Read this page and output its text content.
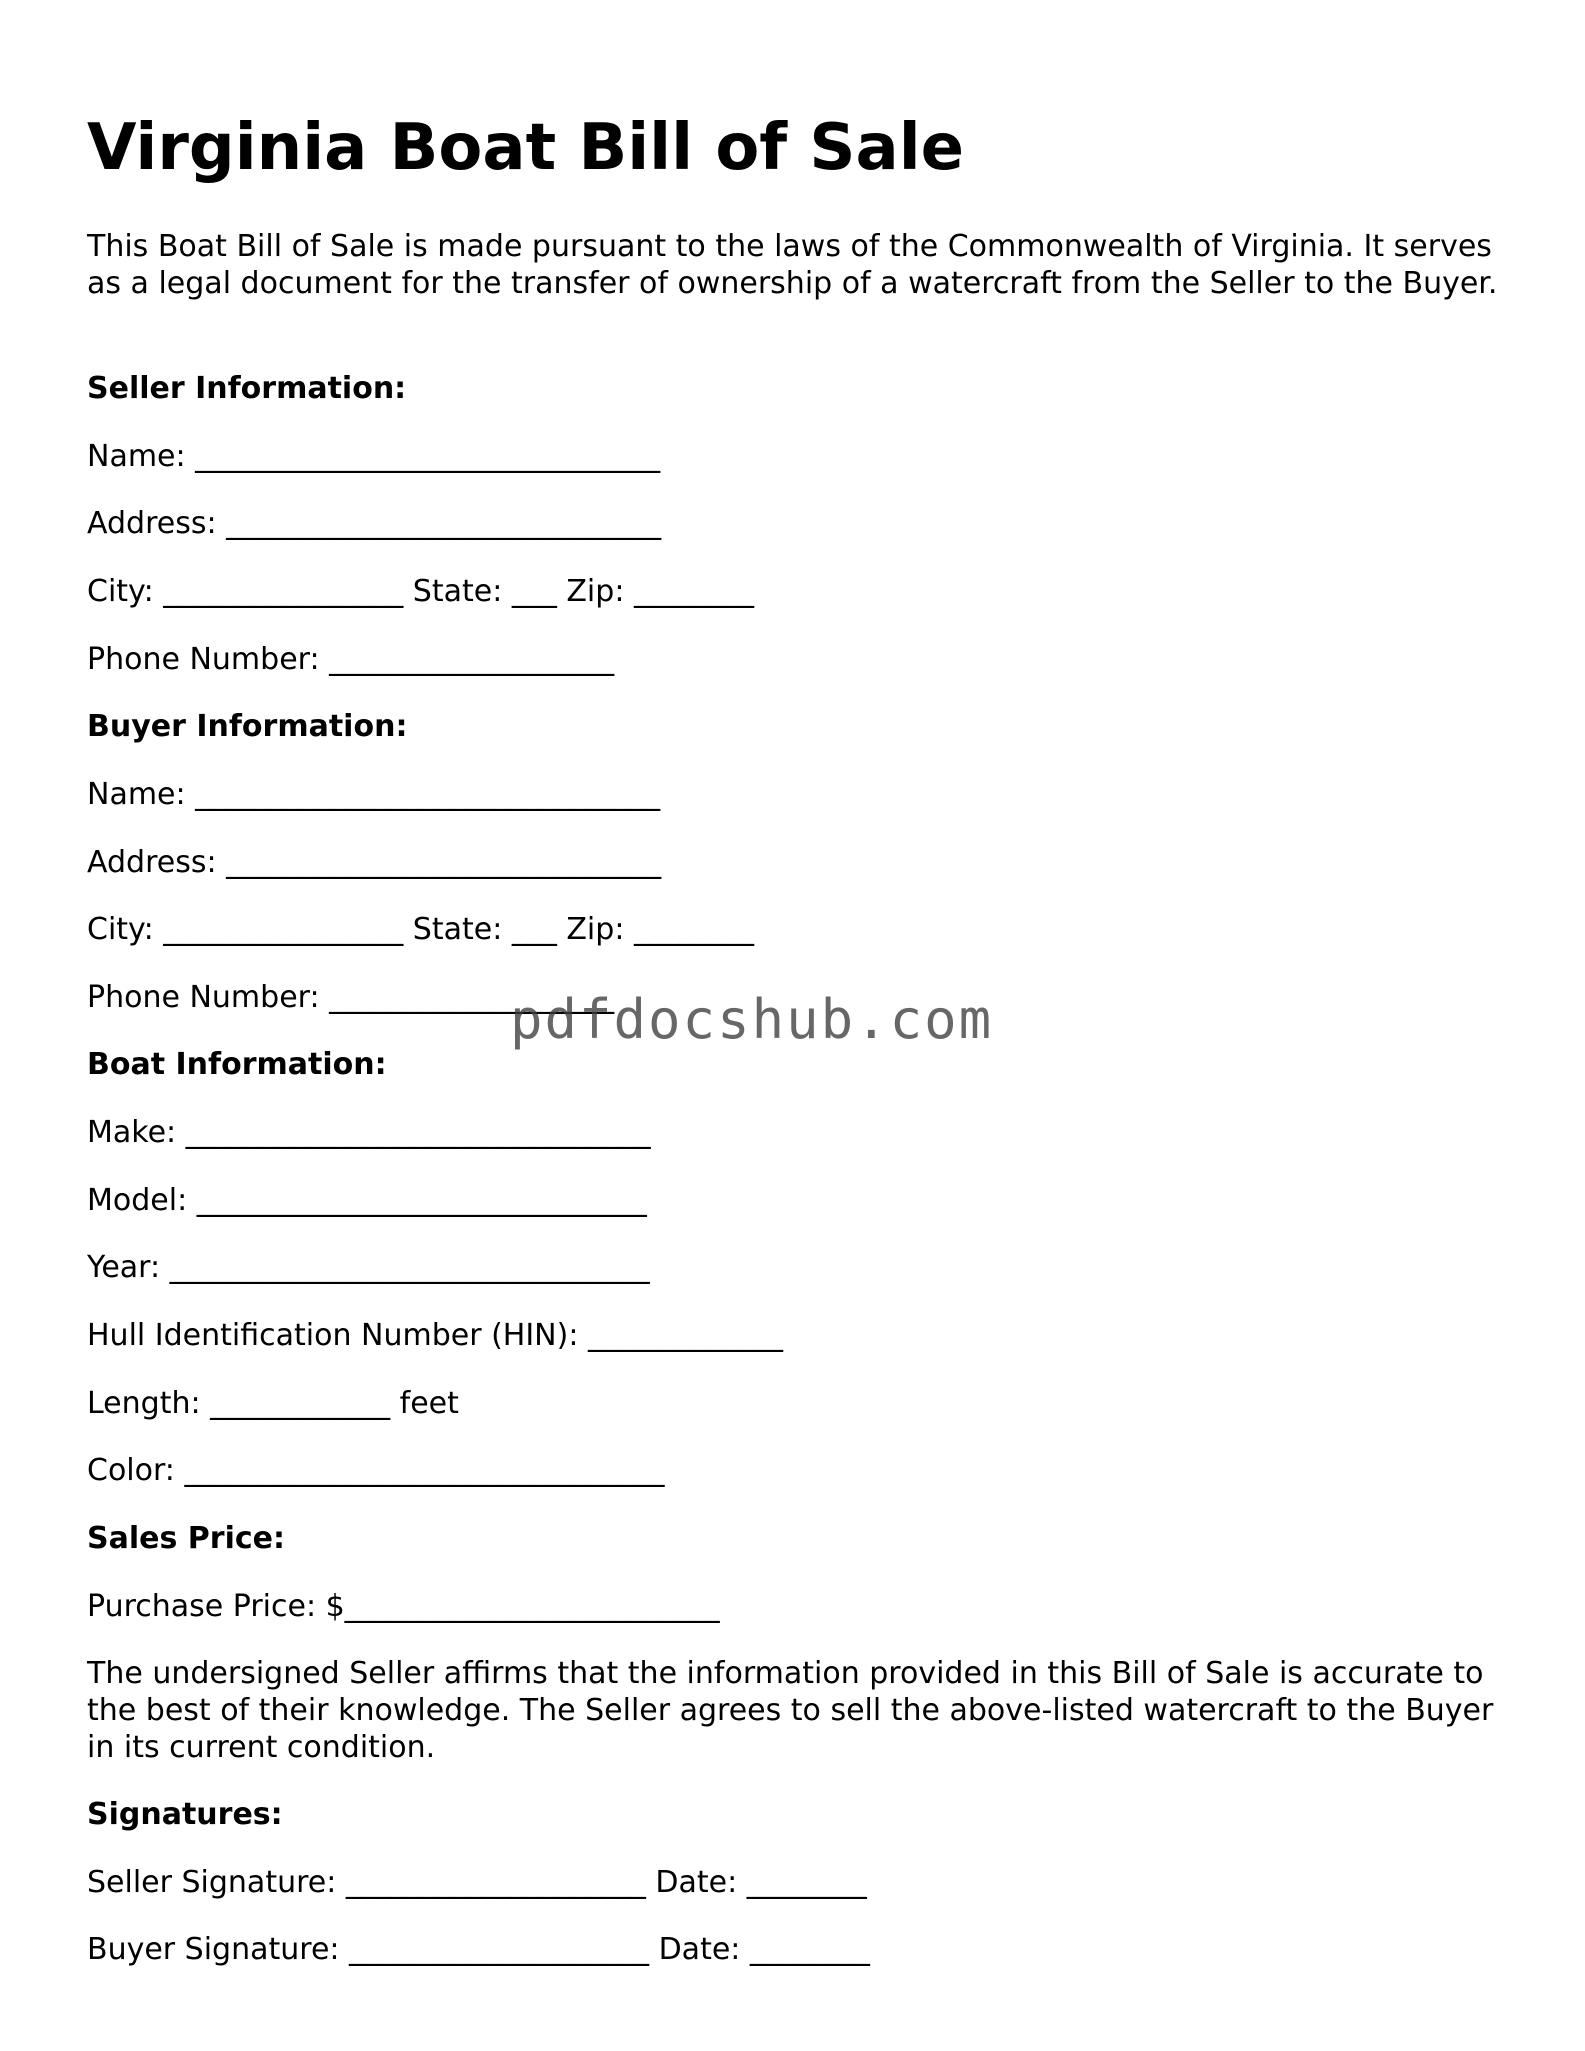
Virginia Boat Bill of Sale

This Boat Bill of Sale is made pursuant to the laws of the Commonwealth of Virginia. It serves as a legal document for the transfer of ownership of a watercraft from the Seller to the Buyer.

Seller Information:
Name: _______________________________
Address: _____________________________
City: ________________ State: ___ Zip: ________
Phone Number: ___________________
Buyer Information:
Name: _______________________________
Address: _____________________________
City: ________________ State: ___ Zip: ________
Phone Number: ___________________
Boat Information:
Make: _______________________________
Model: ______________________________
Year: ________________________________
Hull Identification Number (HIN): _____________
Length: ____________ feet
Color: ________________________________
Sales Price:
Purchase Price: $_________________________

The undersigned Seller affirms that the information provided in this Bill of Sale is accurate to the best of their knowledge. The Seller agrees to sell the above-listed watercraft to the Buyer in its current condition.

Signatures:
Seller Signature: ____________________ Date: ________
Buyer Signature: ____________________ Date: ________
pdfdocshub.com
